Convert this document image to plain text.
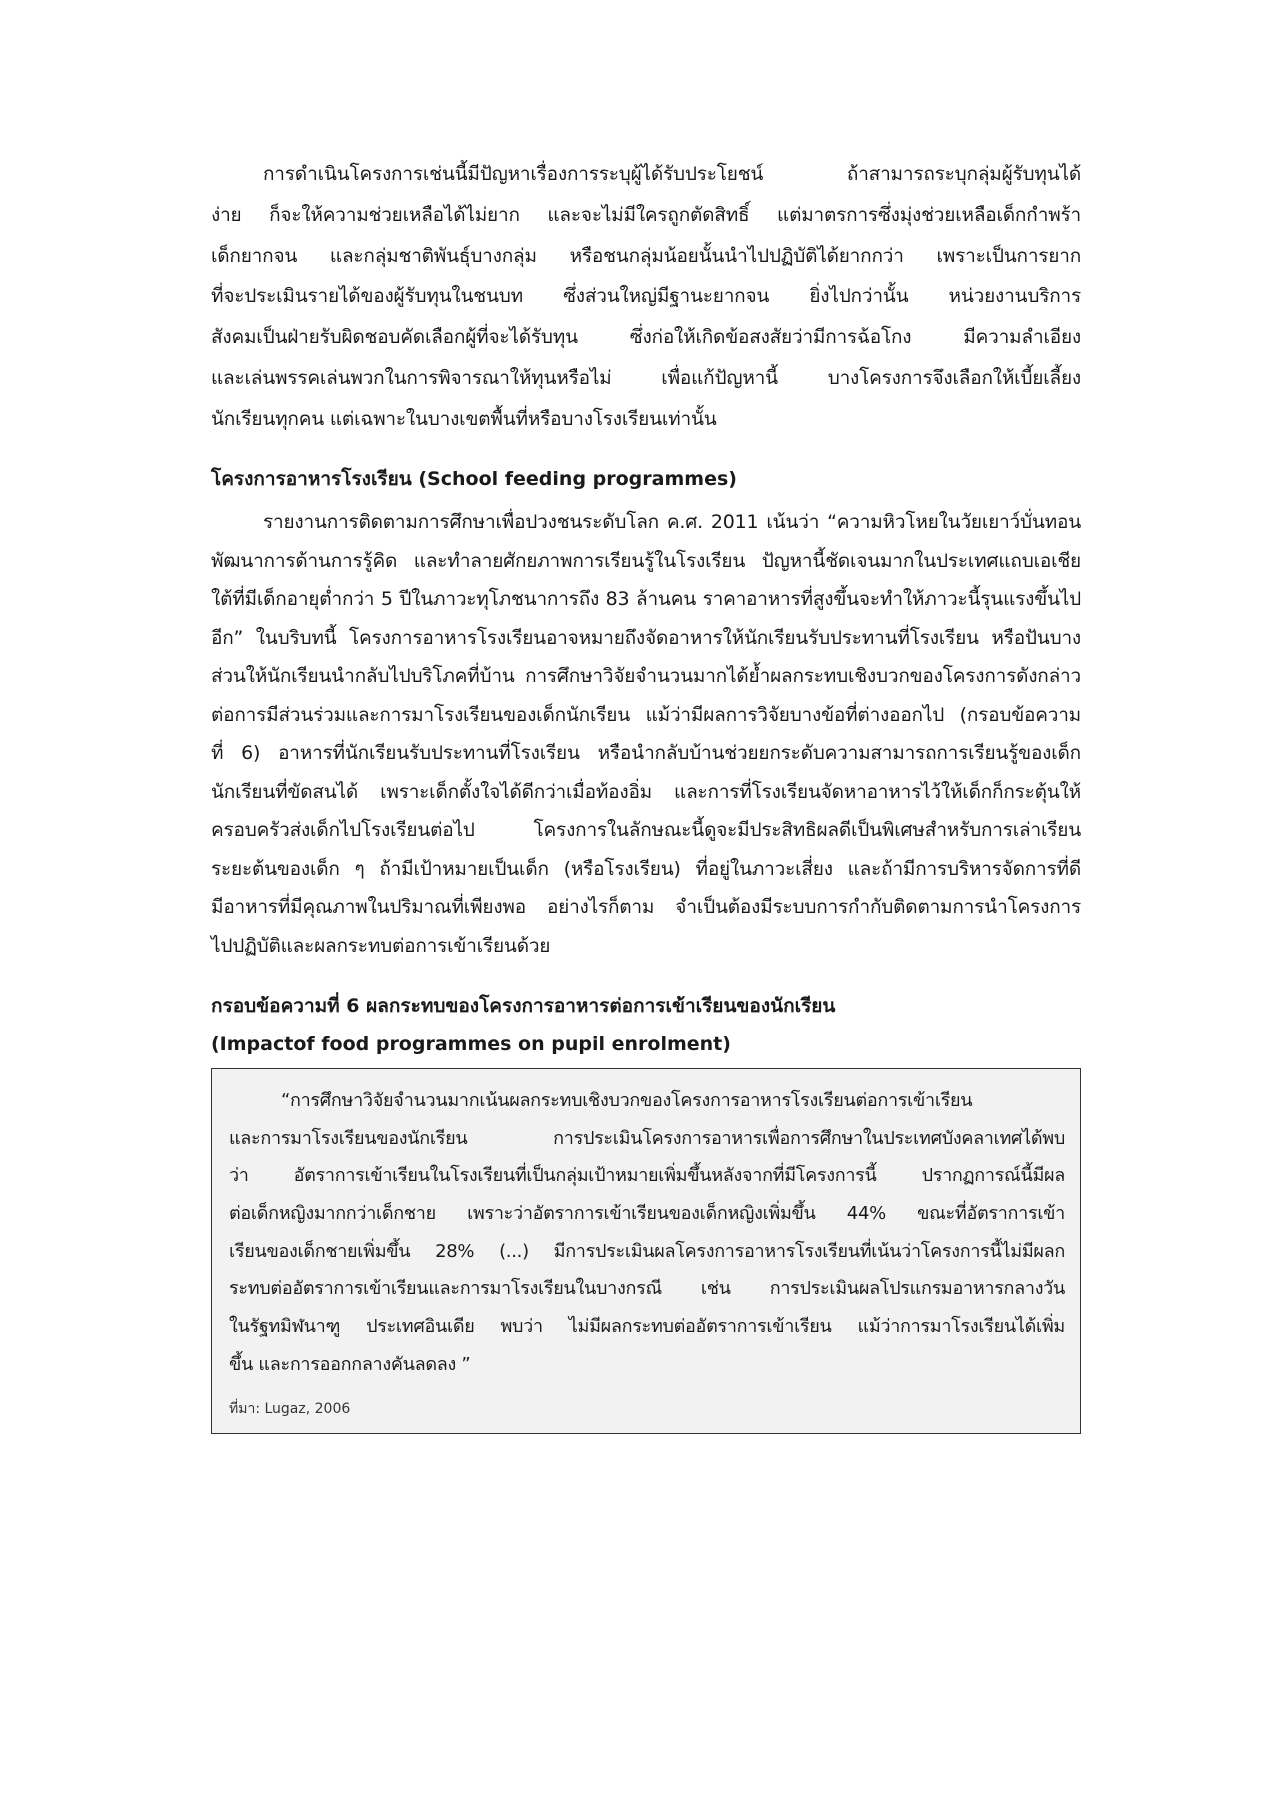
การดำเนินโครงการเช่นนี้มีปัญหาเรื่องการระบุผู้ได้รับประโยชน์ ถ้าสามารถระบุกลุ่มผู้รับทุนได้
ง่าย ก็จะให้ความช่วยเหลือได้ไม่ยาก และจะไม่มีใครถูกตัดสิทธิ์ แต่มาตรการซึ่งมุ่งช่วยเหลือเด็กกำพร้า
เด็กยากจน และกลุ่มชาติพันธุ์บางกลุ่ม หรือชนกลุ่มน้อยนั้นนำไปปฏิบัติได้ยากกว่า เพราะเป็นการยาก
ที่จะประเมินรายได้ของผู้รับทุนในชนบท ซึ่งส่วนใหญ่มีฐานะยากจน ยิ่งไปกว่านั้น หน่วยงานบริการ
สังคมเป็นฝ่ายรับผิดชอบคัดเลือกผู้ที่จะได้รับทุน ซึ่งก่อให้เกิดข้อสงสัยว่ามีการฉ้อโกง มีความลำเอียง
และเล่นพรรคเล่นพวกในการพิจารณาให้ทุนหรือไม่ เพื่อแก้ปัญหานี้ บางโครงการจึงเลือกให้เบี้ยเลี้ยง
นักเรียนทุกคน แต่เฉพาะในบางเขตพื้นที่หรือบางโรงเรียนเท่านั้น
โครงการอาหารโรงเรียน (School feeding programmes)
รายงานการติดตามการศึกษาเพื่อปวงชนระดับโลก ค.ศ. 2011 เน้นว่า “ความหิวโหยในวัยเยาว์บั่นทอน
พัฒนาการด้านการรู้คิด และทำลายศักยภาพการเรียนรู้ในโรงเรียน ปัญหานี้ชัดเจนมากในประเทศแถบเอเชีย
ใต้ที่มีเด็กอายุต่ำกว่า 5 ปีในภาวะทุโภชนาการถึง 83 ล้านคน ราคาอาหารที่สูงขึ้นจะทำให้ภาวะนี้รุนแรงขึ้นไป
อีก” ในบริบทนี้ โครงการอาหารโรงเรียนอาจหมายถึงจัดอาหารให้นักเรียนรับประทานที่โรงเรียน หรือปันบาง
ส่วนให้นักเรียนนำกลับไปบริโภคที่บ้าน การศึกษาวิจัยจำนวนมากได้ย้ำผลกระทบเชิงบวกของโครงการดังกล่าว
ต่อการมีส่วนร่วมและการมาโรงเรียนของเด็กนักเรียน แม้ว่ามีผลการวิจัยบางข้อที่ต่างออกไป (กรอบข้อความ
ที่ 6) อาหารที่นักเรียนรับประทานที่โรงเรียน หรือนำกลับบ้านช่วยยกระดับความสามารถการเรียนรู้ของเด็ก
นักเรียนที่ขัดสนได้ เพราะเด็กตั้งใจได้ดีกว่าเมื่อท้องอิ่ม และการที่โรงเรียนจัดหาอาหารไว้ให้เด็กก็กระตุ้นให้
ครอบครัวส่งเด็กไปโรงเรียนต่อไป โครงการในลักษณะนี้ดูจะมีประสิทธิผลดีเป็นพิเศษสำหรับการเล่าเรียน
ระยะต้นของเด็ก ๆ ถ้ามีเป้าหมายเป็นเด็ก (หรือโรงเรียน) ที่อยู่ในภาวะเสี่ยง และถ้ามีการบริหารจัดการที่ดี
มีอาหารที่มีคุณภาพในปริมาณที่เพียงพอ อย่างไรก็ตาม จำเป็นต้องมีระบบการกำกับติดตามการนำโครงการ
ไปปฏิบัติและผลกระทบต่อการเข้าเรียนด้วย
กรอบข้อความที่ 6 ผลกระทบของโครงการอาหารต่อการเข้าเรียนของนักเรียน
(Impactof food programmes on pupil enrolment)
“การศึกษาวิจัยจำนวนมากเน้นผลกระทบเชิงบวกของโครงการอาหารโรงเรียนต่อการเข้าเรียน
และการมาโรงเรียนของนักเรียน การประเมินโครงการอาหารเพื่อการศึกษาในประเทศบังคลาเทศได้พบ
ว่า อัตราการเข้าเรียนในโรงเรียนที่เป็นกลุ่มเป้าหมายเพิ่มขึ้นหลังจากที่มีโครงการนี้ ปรากฏการณ์นี้มีผล
ต่อเด็กหญิงมากกว่าเด็กชาย เพราะว่าอัตราการเข้าเรียนของเด็กหญิงเพิ่มขึ้น 44% ขณะที่อัตราการเข้า
เรียนของเด็กชายเพิ่มขึ้น 28% (...) มีการประเมินผลโครงการอาหารโรงเรียนที่เน้นว่าโครงการนี้ไม่มีผลก
ระทบต่ออัตราการเข้าเรียนและการมาโรงเรียนในบางกรณี เช่น การประเมินผลโปรแกรมอาหารกลางวัน
ในรัฐทมิฬนาฑู ประเทศอินเดีย พบว่า ไม่มีผลกระทบต่ออัตราการเข้าเรียน แม้ว่าการมาโรงเรียนได้เพิ่ม
ขึ้น และการออกกลางคันลดลง ”
ที่มา: Lugaz, 2006
